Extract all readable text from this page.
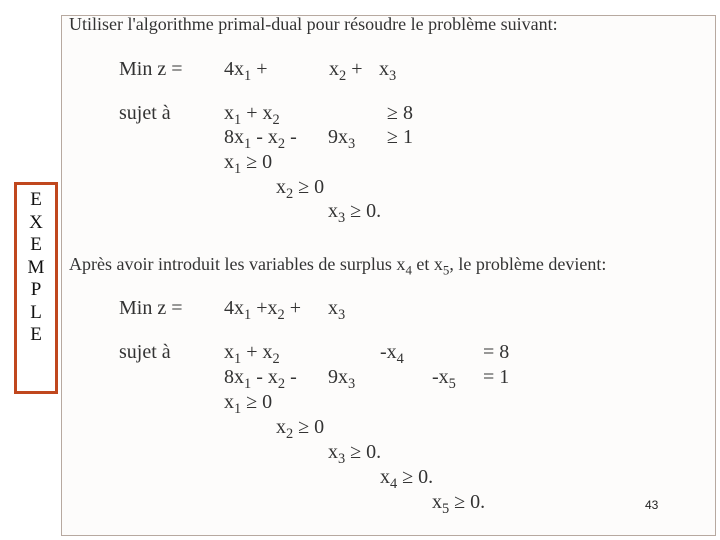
E
X
E
M
P
L
E
Utiliser l'algorithme primal-dual pour résoudre le problème suivant:
Min $z = 4x_1$ +	$x_2 + x_3$
sujet à	$x_1 + x_2$	≥ 8
$8x_1 - x_2 - 9x_3 \ge 1$
$x_1 \ge 0$
$x_2 \ge 0$
$x_3 \ge 0$.
Après avoir introduit les variables de surplus $x_4$ et $x_5$, le problème devient:
Min $z = 4x_1 +x_2 + x_3$
sujet à	$x_1 + x_2$	$-x_4$	= 8
$8x_1 - x_2 - 9x_3$	$-x_5 = 1$
$x_1 \ge 0$
$x_2 \ge 0$
$x_3 \ge 0$.
$x_4 \ge 0$.
$x_5 \ge 0$.	43
